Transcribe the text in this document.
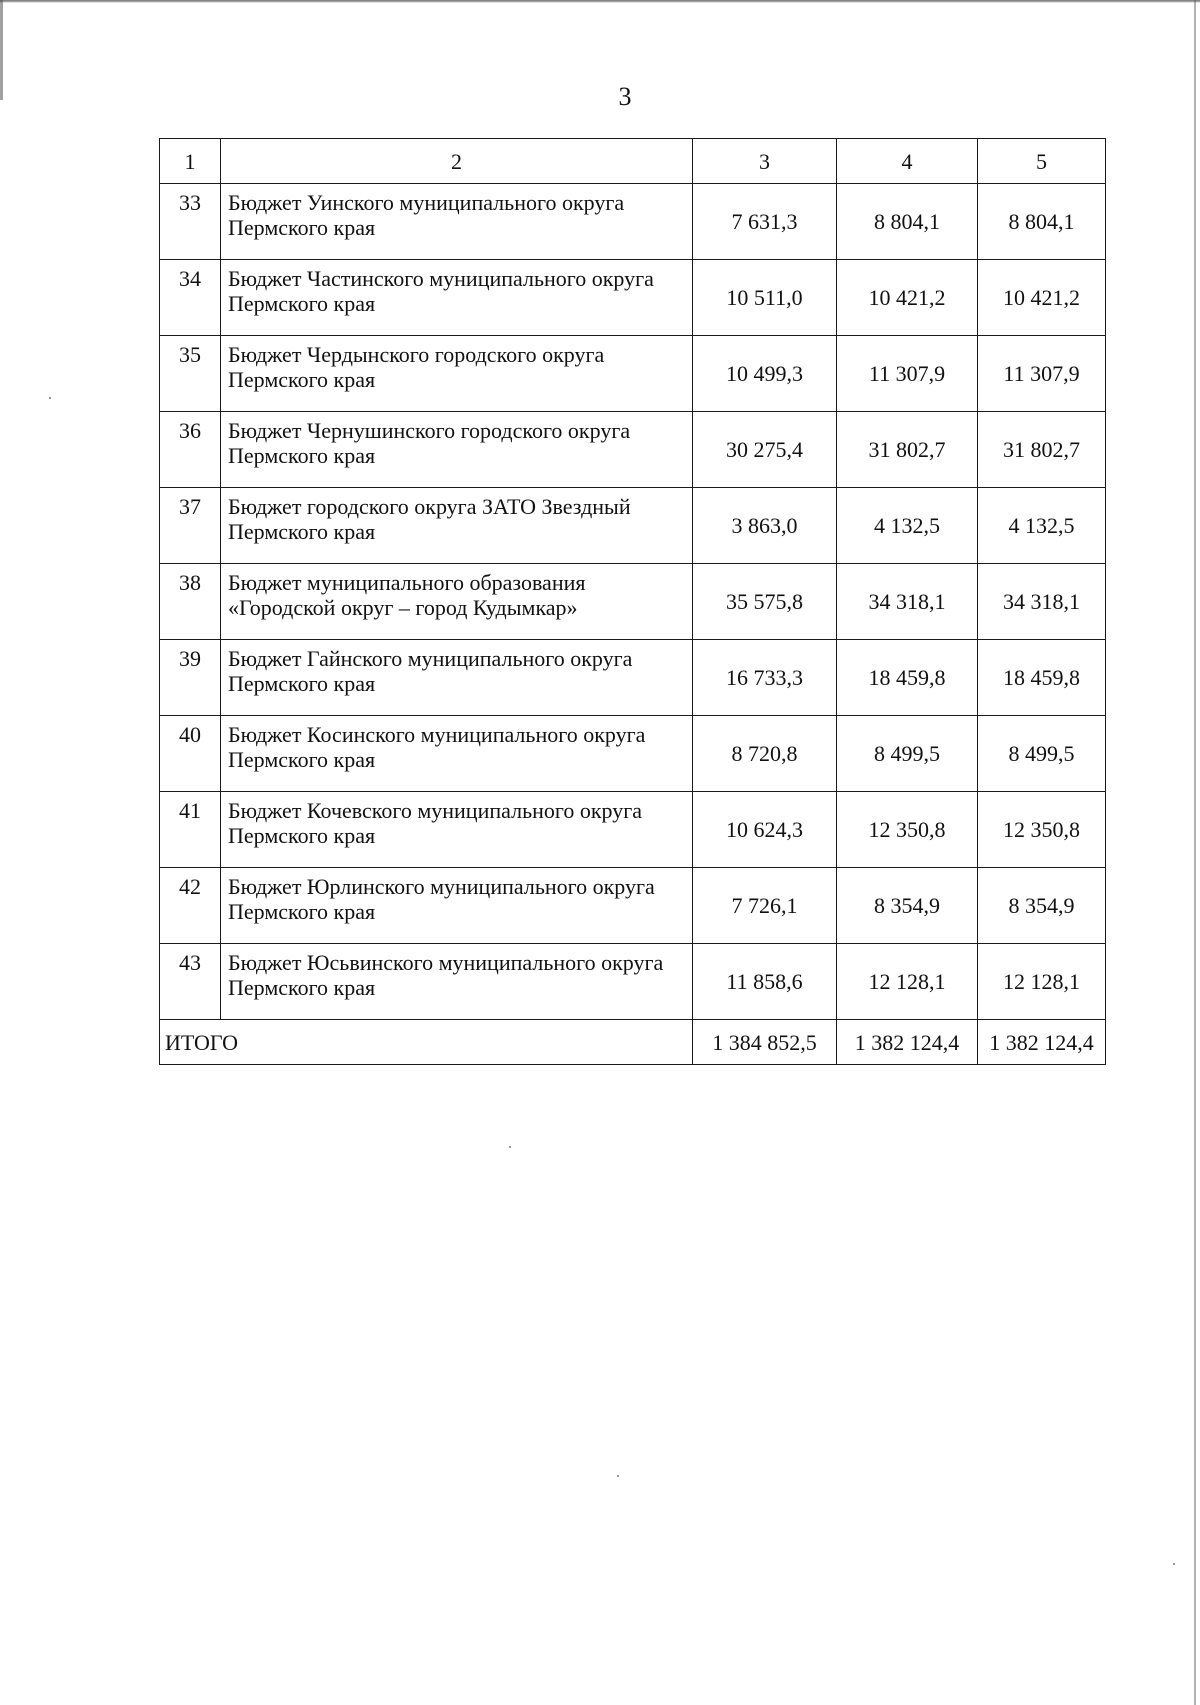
3
1	2	3	4	5
33	Бюджет Уинского муниципального округа Пермского края	7 631,3	8 804,1	8 804,1
34	Бюджет Частинского муниципального округа Пермского края	10 511,0	10 421,2	10 421,2
35	Бюджет Чердынского городского округа Пермского края	10 499,3	11 307,9	11 307,9
36	Бюджет Чернушинского городского округа Пермского края	30 275,4	31 802,7	31 802,7
37	Бюджет городского округа ЗАТО Звездный Пермского края	3 863,0	4 132,5	4 132,5
38	Бюджет муниципального образования «Городской округ – город Кудымкар»	35 575,8	34 318,1	34 318,1
39	Бюджет Гайнского муниципального округа Пермского края	16 733,3	18 459,8	18 459,8
40	Бюджет Косинского муниципального округа Пермского края	8 720,8	8 499,5	8 499,5
41	Бюджет Кочевского муниципального округа Пермского края	10 624,3	12 350,8	12 350,8
42	Бюджет Юрлинского муниципального округа Пермского края	7 726,1	8 354,9	8 354,9
43	Бюджет Юсьвинского муниципального округа Пермского края	11 858,6	12 128,1	12 128,1
ИТОГО		1 384 852,5	1 382 124,4	1 382 124,4
